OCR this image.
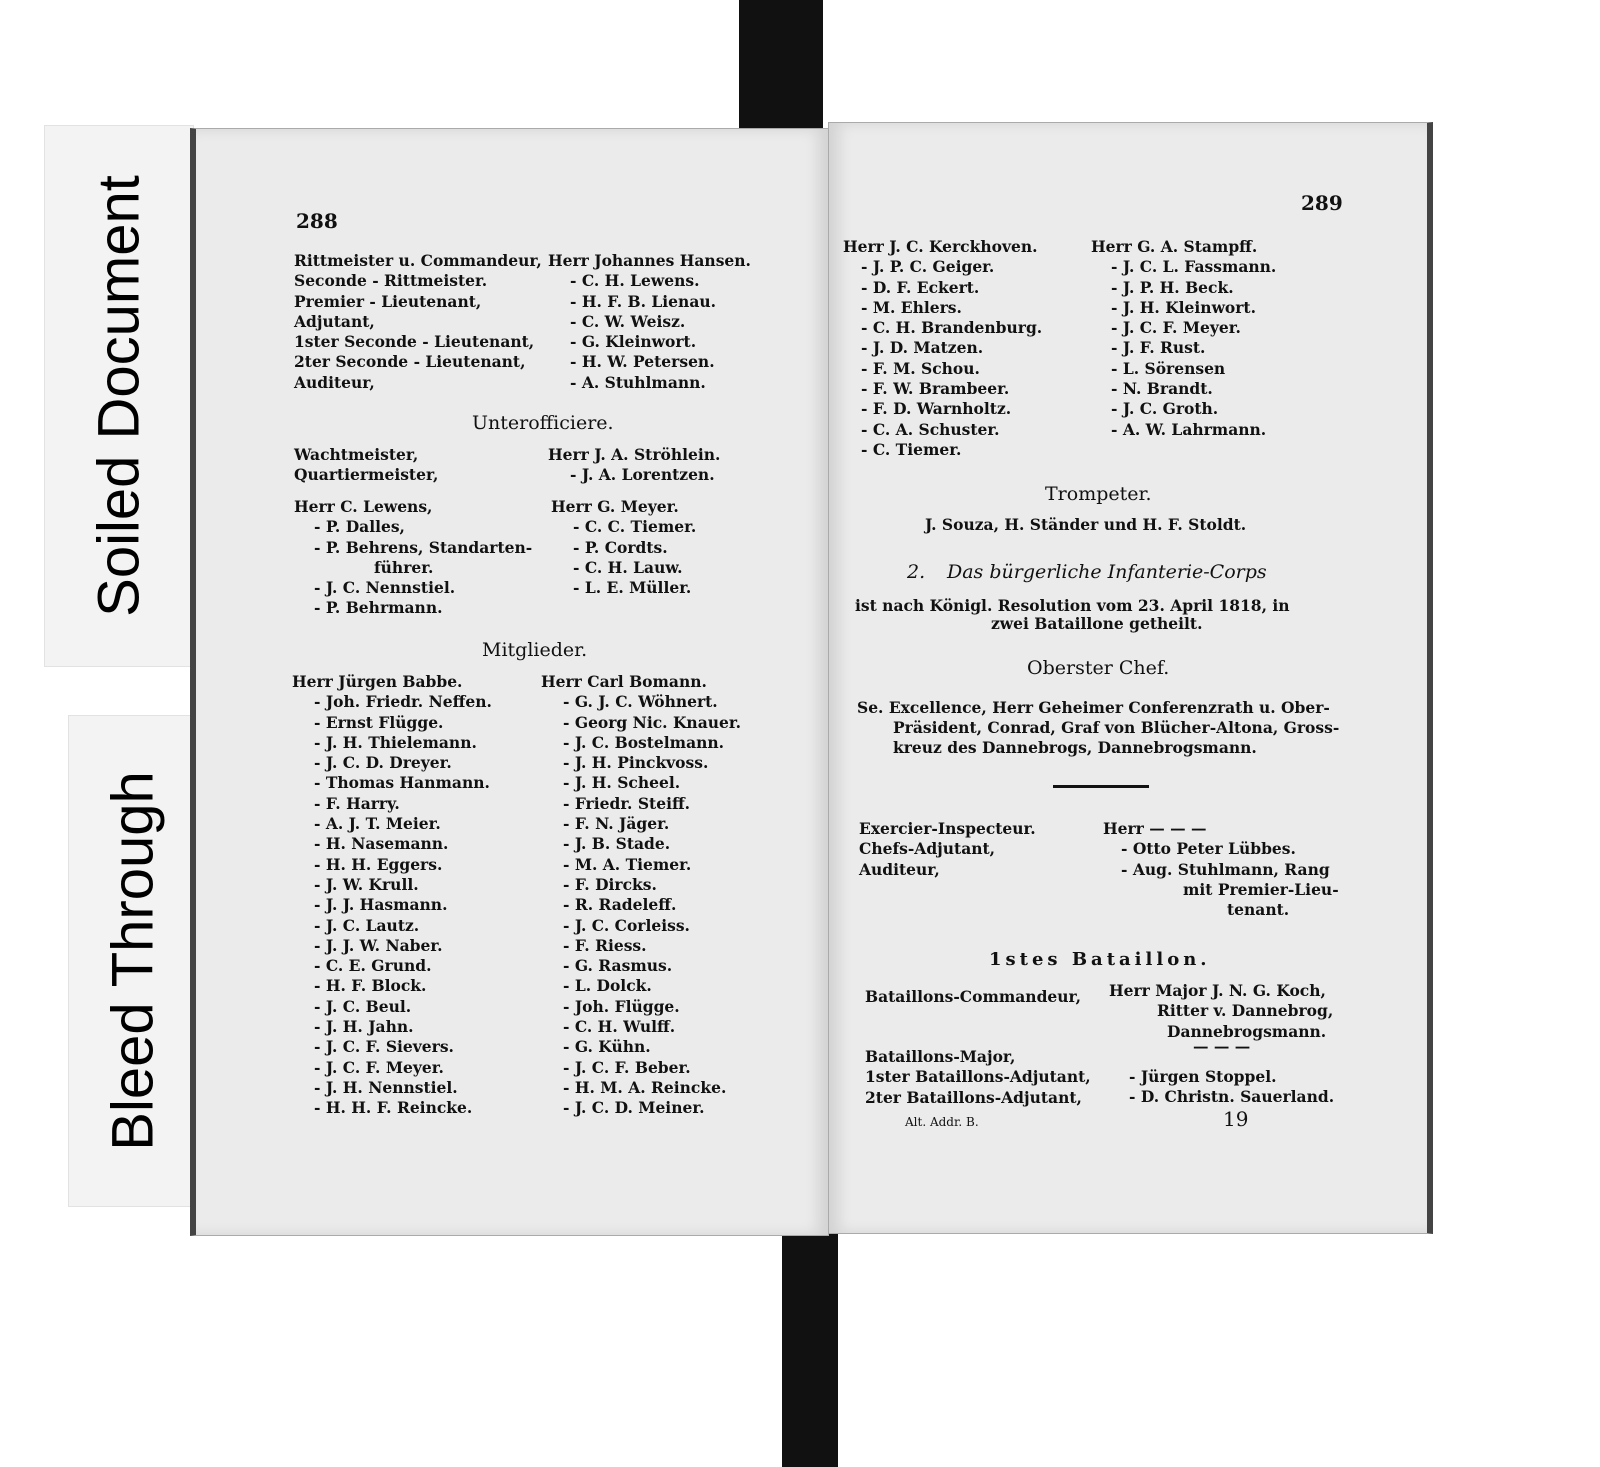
Soiled Document
Bleed Through
288
Rittmeister u. Commandeur,
Seconde - Rittmeister.
Premier - Lieutenant,
Adjutant,
1ster Seconde - Lieutenant,
2ter Seconde - Lieutenant,
Auditeur,
Herr Johannes Hansen.
- C. H. Lewens.
- H. F. B. Lienau.
- C. W. Weisz.
- G. Kleinwort.
- H. W. Petersen.
- A. Stuhlmann.
Unterofficiere.
Wachtmeister,
Quartiermeister,
Herr J. A. Ströhlein.
- J. A. Lorentzen.
Herr C. Lewens,
- P. Dalles,
- P. Behrens, Standarten-
führer.
- J. C. Nennstiel.
- P. Behrmann.
Herr G. Meyer.
- C. C. Tiemer.
- P. Cordts.
- C. H. Lauw.
- L. E. Müller.
Mitglieder.
Herr Jürgen Babbe.
- Joh. Friedr. Neffen.
- Ernst Flügge.
- J. H. Thielemann.
- J. C. D. Dreyer.
- Thomas Hanmann.
- F. Harry.
- A. J. T. Meier.
- H. Nasemann.
- H. H. Eggers.
- J. W. Krull.
- J. J. Hasmann.
- J. C. Lautz.
- J. J. W. Naber.
- C. E. Grund.
- H. F. Block.
- J. C. Beul.
- J. H. Jahn.
- J. C. F. Sievers.
- J. C. F. Meyer.
- J. H. Nennstiel.
- H. H. F. Reincke.
Herr Carl Bomann.
- G. J. C. Wöhnert.
- Georg Nic. Knauer.
- J. C. Bostelmann.
- J. H. Pinckvoss.
- J. H. Scheel.
- Friedr. Steiff.
- F. N. Jäger.
- J. B. Stade.
- M. A. Tiemer.
- F. Dircks.
- R. Radeleff.
- J. C. Corleiss.
- F. Riess.
- G. Rasmus.
- L. Dolck.
- Joh. Flügge.
- C. H. Wulff.
- G. Kühn.
- J. C. F. Beber.
- H. M. A. Reincke.
- J. C. D. Meiner.
289
Herr J. C. Kerckhoven.
- J. P. C. Geiger.
- D. F. Eckert.
- M. Ehlers.
- C. H. Brandenburg.
- J. D. Matzen.
- F. M. Schou.
- F. W. Brambeer.
- F. D. Warnholtz.
- C. A. Schuster.
- C. Tiemer.
Herr G. A. Stampff.
- J. C. L. Fassmann.
- J. P. H. Beck.
- J. H. Kleinwort.
- J. C. F. Meyer.
- J. F. Rust.
- L. Sörensen
- N. Brandt.
- J. C. Groth.
- A. W. Lahrmann.
Trompeter.
J. Souza, H. Ständer und H. F. Stoldt.
2. Das bürgerliche Infanterie-Corps
ist nach Königl. Resolution vom 23. April 1818, in
zwei Bataillone getheilt.
Oberster Chef.
Se. Excellence, Herr Geheimer Conferenzrath u. Ober-
Präsident, Conrad, Graf von Blücher-Altona, Gross-
kreuz des Dannebrogs, Dannebrogsmann.
Exercier-Inspecteur.
Chefs-Adjutant,
Auditeur,
Herr — — —
- Otto Peter Lübbes.
- Aug. Stuhlmann, Rang
mit Premier-Lieu-
tenant.
1stes Bataillon.
Bataillons-Commandeur, Herr Major J. N. G. Koch,
Ritter v. Dannebrog,
Dannebrogsmann.
— — —
Bataillons-Major,
1ster Bataillons-Adjutant,
2ter Bataillons-Adjutant,
- Jürgen Stoppel.
- D. Christn. Sauerland.
Alt. Addr. B.	19
